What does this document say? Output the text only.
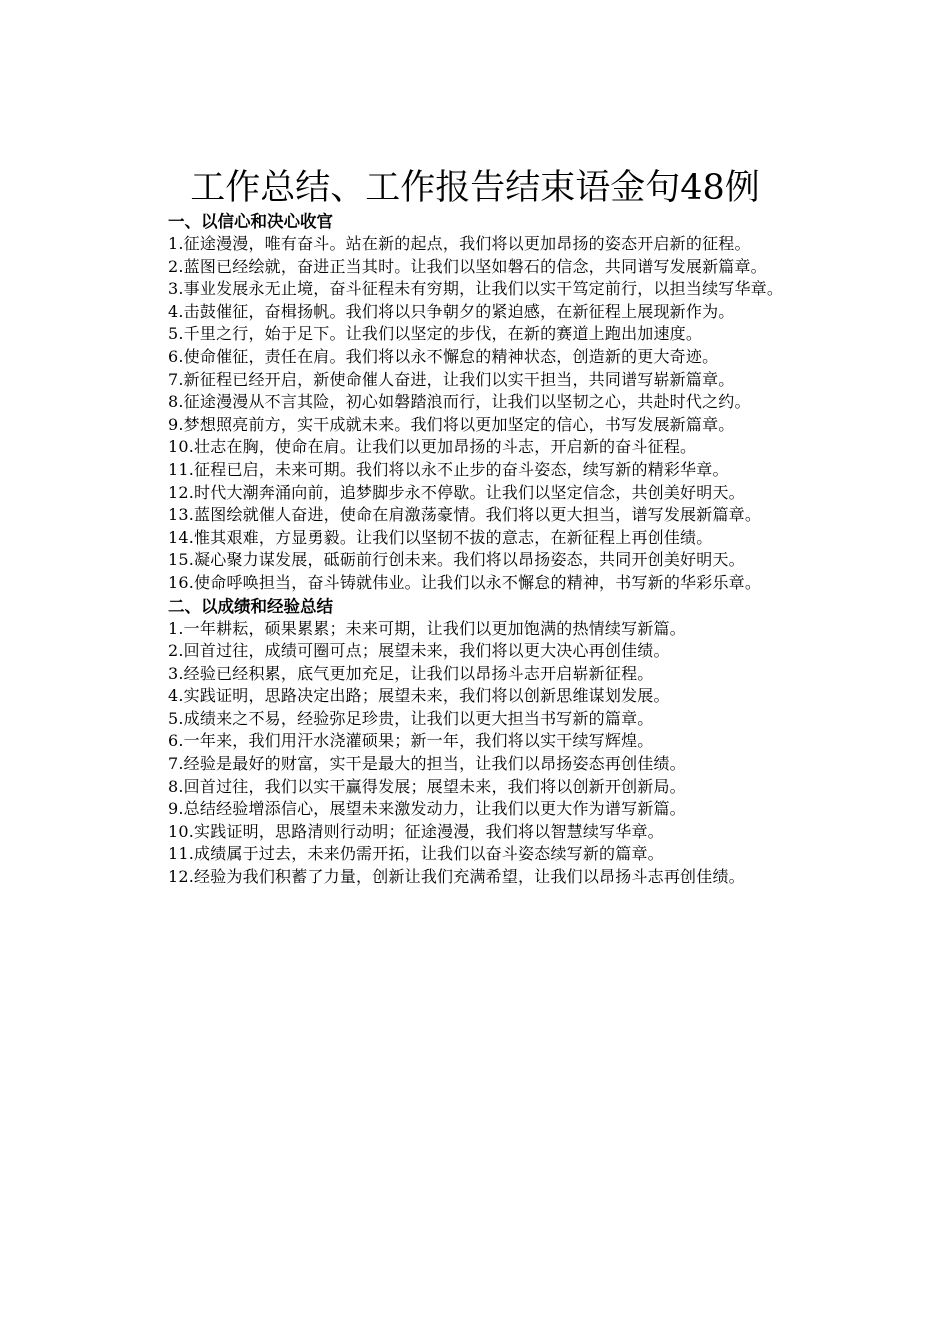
工作总结、工作报告结束语金句48例

一、以信心和决心收官

1.征途漫漫，唯有奋斗。站在新的起点，我们将以更加昂扬的姿态开启新的征程。

2.蓝图已经绘就，奋进正当其时。让我们以坚如磐石的信念，共同谱写发展新篇章。

3.事业发展永无止境，奋斗征程未有穷期，让我们以实干笃定前行，以担当续写华章。

4.击鼓催征，奋楫扬帆。我们将以只争朝夕的紧迫感，在新征程上展现新作为。

5.千里之行，始于足下。让我们以坚定的步伐，在新的赛道上跑出加速度。

6.使命催征，责任在肩。我们将以永不懈怠的精神状态，创造新的更大奇迹。

7.新征程已经开启，新使命催人奋进，让我们以实干担当，共同谱写崭新篇章。

8.征途漫漫从不言其险，初心如磐踏浪而行，让我们以坚韧之心，共赴时代之约。

9.梦想照亮前方，实干成就未来。我们将以更加坚定的信心，书写发展新篇章。

10.壮志在胸，使命在肩。让我们以更加昂扬的斗志，开启新的奋斗征程。

11.征程已启，未来可期。我们将以永不止步的奋斗姿态，续写新的精彩华章。

12.时代大潮奔涌向前，追梦脚步永不停歇。让我们以坚定信念，共创美好明天。

13.蓝图绘就催人奋进，使命在肩激荡豪情。我们将以更大担当，谱写发展新篇章。

14.惟其艰难，方显勇毅。让我们以坚韧不拔的意志，在新征程上再创佳绩。

15.凝心聚力谋发展，砥砺前行创未来。我们将以昂扬姿态，共同开创美好明天。

16.使命呼唤担当，奋斗铸就伟业。让我们以永不懈怠的精神，书写新的华彩乐章。

二、以成绩和经验总结

1.一年耕耘，硕果累累；未来可期，让我们以更加饱满的热情续写新篇。

2.回首过往，成绩可圈可点；展望未来，我们将以更大决心再创佳绩。

3.经验已经积累，底气更加充足，让我们以昂扬斗志开启崭新征程。

4.实践证明，思路决定出路；展望未来，我们将以创新思维谋划发展。

5.成绩来之不易，经验弥足珍贵，让我们以更大担当书写新的篇章。

6.一年来，我们用汗水浇灌硕果；新一年，我们将以实干续写辉煌。

7.经验是最好的财富，实干是最大的担当，让我们以昂扬姿态再创佳绩。

8.回首过往，我们以实干赢得发展；展望未来，我们将以创新开创新局。

9.总结经验增添信心，展望未来激发动力，让我们以更大作为谱写新篇。

10.实践证明，思路清则行动明；征途漫漫，我们将以智慧续写华章。

11.成绩属于过去，未来仍需开拓，让我们以奋斗姿态续写新的篇章。

12.经验为我们积蓄了力量，创新让我们充满希望，让我们以昂扬斗志再创佳绩。
